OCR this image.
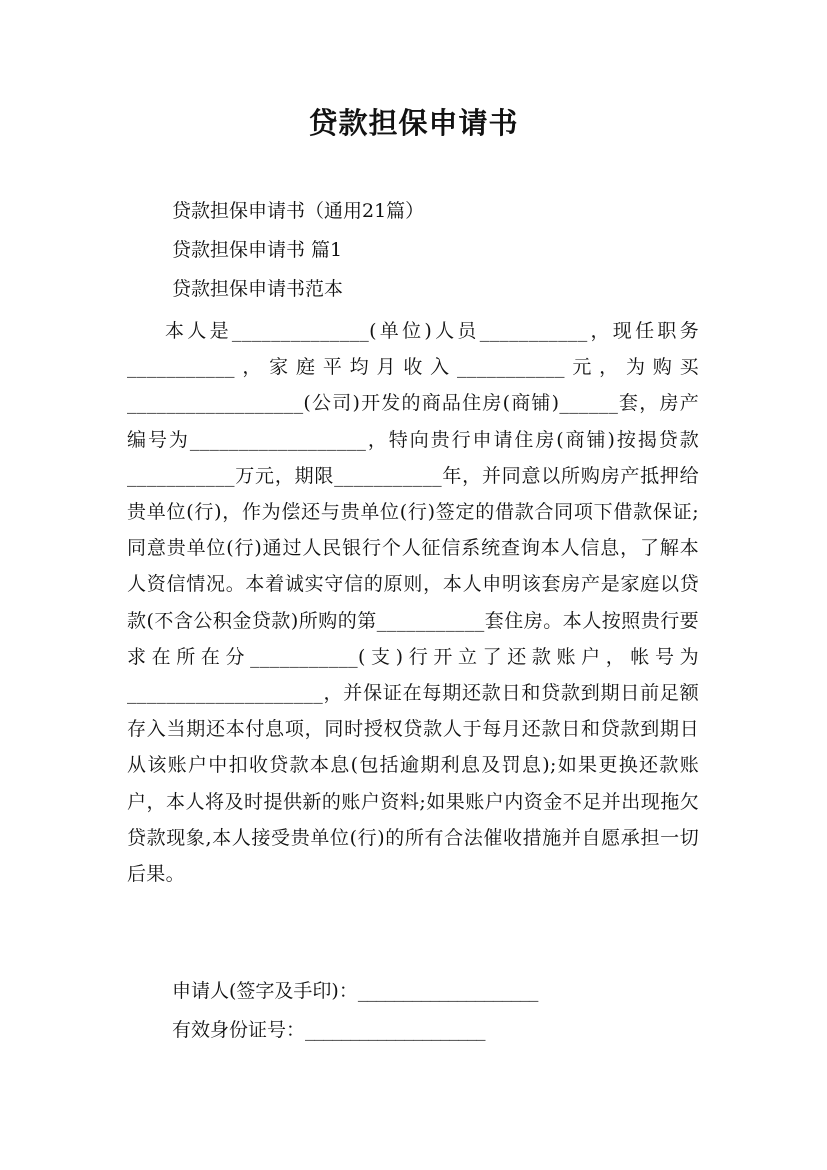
贷款担保申请书
贷款担保申请书（通用21篇）
贷款担保申请书 篇1
贷款担保申请书范本
本人是______________(单位)人员___________，现任职务___________，家庭平均月收入___________元，为购买__________________(公司)开发的商品住房(商铺)______套，房产编号为__________________，特向贵行申请住房(商铺)按揭贷款___________万元，期限___________年，并同意以所购房产抵押给贵单位(行)，作为偿还与贵单位(行)签定的借款合同项下借款保证;同意贵单位(行)通过人民银行个人征信系统查询本人信息，了解本人资信情况。本着诚实守信的原则，本人申明该套房产是家庭以贷款(不含公积金贷款)所购的第___________套住房。本人按照贵行要求在所在分___________(支)行开立了还款账户，帐号为____________________，并保证在每期还款日和贷款到期日前足额存入当期还本付息项，同时授权贷款人于每月还款日和贷款到期日从该账户中扣收贷款本息(包括逾期利息及罚息);如果更换还款账户，本人将及时提供新的账户资料;如果账户内资金不足并出现拖欠贷款现象,本人接受贵单位(行)的所有合法催收措施并自愿承担一切后果。
申请人(签字及手印)：____________________
有效身份证号：____________________
